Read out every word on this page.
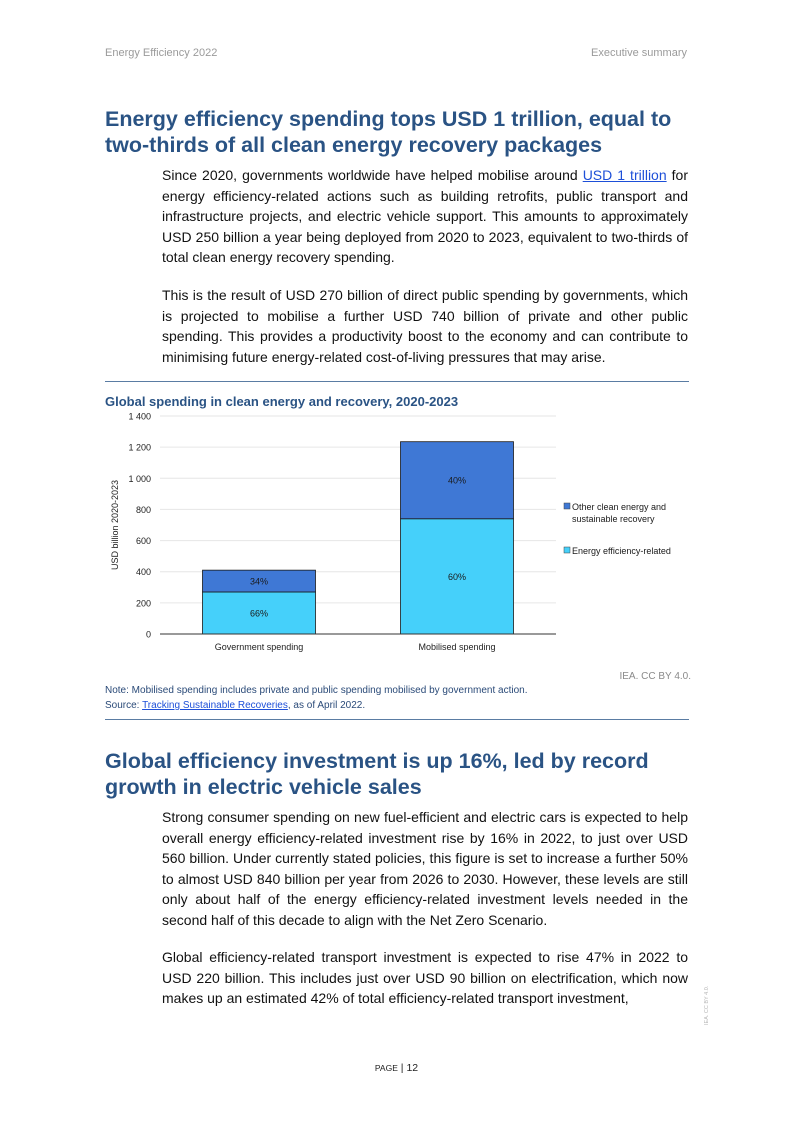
Energy Efficiency 2022	Executive summary
Energy efficiency spending tops USD 1 trillion, equal to two-thirds of all clean energy recovery packages

Since 2020, governments worldwide have helped mobilise around USD 1 trillion for energy efficiency-related actions such as building retrofits, public transport and infrastructure projects, and electric vehicle support. This amounts to approximately USD 250 billion a year being deployed from 2020 to 2023, equivalent to two-thirds of total clean energy recovery spending.

This is the result of USD 270 billion of direct public spending by governments, which is projected to mobilise a further USD 740 billion of private and other public spending. This provides a productivity boost to the economy and can contribute to minimising future energy-related cost-of-living pressures that may arise.

Global spending in clean energy and recovery, 2020-2023
0
200
400
600
800
1 000
1 200
1 400
USD billion 2020-2023
66%
34%
Government spending
60%
40%
Mobilised spending
Other clean energy and
sustainable recovery
Energy efficiency-related
IEA. CC BY 4.0.
Note: Mobilised spending includes private and public spending mobilised by government action.
Source: Tracking Sustainable Recoveries, as of April 2022.
Global efficiency investment is up 16%, led by record growth in electric vehicle sales

Strong consumer spending on new fuel-efficient and electric cars is expected to help overall energy efficiency-related investment rise by 16% in 2022, to just over USD 560 billion. Under currently stated policies, this figure is set to increase a further 50% to almost USD 840 billion per year from 2026 to 2030. However, these levels are still only about half of the energy efficiency-related investment levels needed in the second half of this decade to align with the Net Zero Scenario.

Global efficiency-related transport investment is expected to rise 47% in 2022 to USD 220 billion. This includes just over USD 90 billion on electrification, which now makes up an estimated 42% of total efficiency-related transport investment,

PAGE | 12
IEA. CC BY 4.0.
